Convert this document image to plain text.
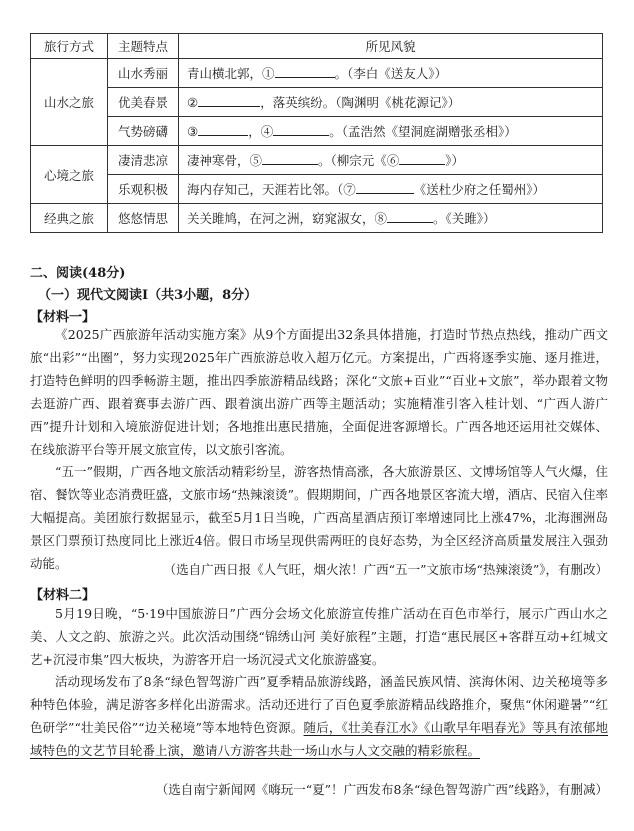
旅行方式	主题特点	所见风貌
山水之旅	山水秀丽	青山横北郭，① 。（李白《送友人》）
	优美春景	② ，落英缤纷。（陶渊明《桃花源记》）
	气势磅礴	③ ，④ 。（孟浩然《望洞庭湖赠张丞相》）
心境之旅	凄清悲凉	凄神寒骨，⑤ 。（柳宗元《⑥ 》）
	乐观积极	海内存知己，天涯若比邻。（⑦ 《送杜少府之任蜀州》）
经典之旅	悠悠情思	关关雎鸠，在河之洲，窈窕淑女，⑧ 。《关雎》）
二、阅读(48分)
（一）现代文阅读Ⅰ（共3小题，8分）
【材料一】

《2025广西旅游年活动实施方案》从9个方面提出32条具体措施，打造时节热点热线，推动广西文旅“出彩”“出圈”，努力实现2025年广西旅游总收入超万亿元。方案提出，广西将逐季实施、逐月推进，打造特色鲜明的四季畅游主题，推出四季旅游精品线路；深化“文旅+百业”“百业+文旅”，举办跟着文物去逛游广西、跟着赛事去游广西、跟着演出游广西等主题活动；实施精准引客入桂计划、“广西人游广西”提升计划和入境旅游促进计划；各地推出惠民措施，全面促进客源增长。广西各地还运用社交媒体、在线旅游平台等开展文旅宣传，以文旅引客流。

“五一”假期，广西各地文旅活动精彩纷呈，游客热情高涨，各大旅游景区、文博场馆等人气火爆，住宿、餐饮等业态消费旺盛，文旅市场“热辣滚烫”。假期期间，广西各地景区客流大增，酒店、民宿入住率大幅提高。美团旅行数据显示，截至5月1日当晚，广西高星酒店预订率增速同比上涨47%，北海涠洲岛景区门票预订热度同比上涨近4倍。假日市场呈现供需两旺的良好态势，为全区经济高质量发展注入强劲动能。	（选自广西日报《人气旺，烟火浓！广西“五一”文旅市场“热辣滚烫”》，有删改）
【材料二】

5月19日晚，“5·19中国旅游日”广西分会场文化旅游宣传推广活动在百色市举行，展示广西山水之美、人文之韵、旅游之兴。此次活动围绕“锦绣山河 美好旅程”主题，打造“惠民展区+客群互动+红城文艺+沉浸市集”四大板块，为游客开启一场沉浸式文化旅游盛宴。

活动现场发布了8条“绿色智驾游广西”夏季精品旅游线路，涵盖民族风情、滨海休闲、边关秘境等多种特色体验，满足游客多样化出游需求。活动还进行了百色夏季旅游精品线路推介，聚焦“休闲避暑”“红色研学”“壮美民俗”“边关秘境”等本地特色资源。随后，《壮美春江水》《山歌早年唱春光》等具有浓郁地域特色的文艺节目轮番上演，邀请八方游客共赴一场山水与人文交融的精彩旅程。

（选自南宁新闻网《嗨玩一“夏”！广西发布8条“绿色智驾游广西”线路》，有删减）
